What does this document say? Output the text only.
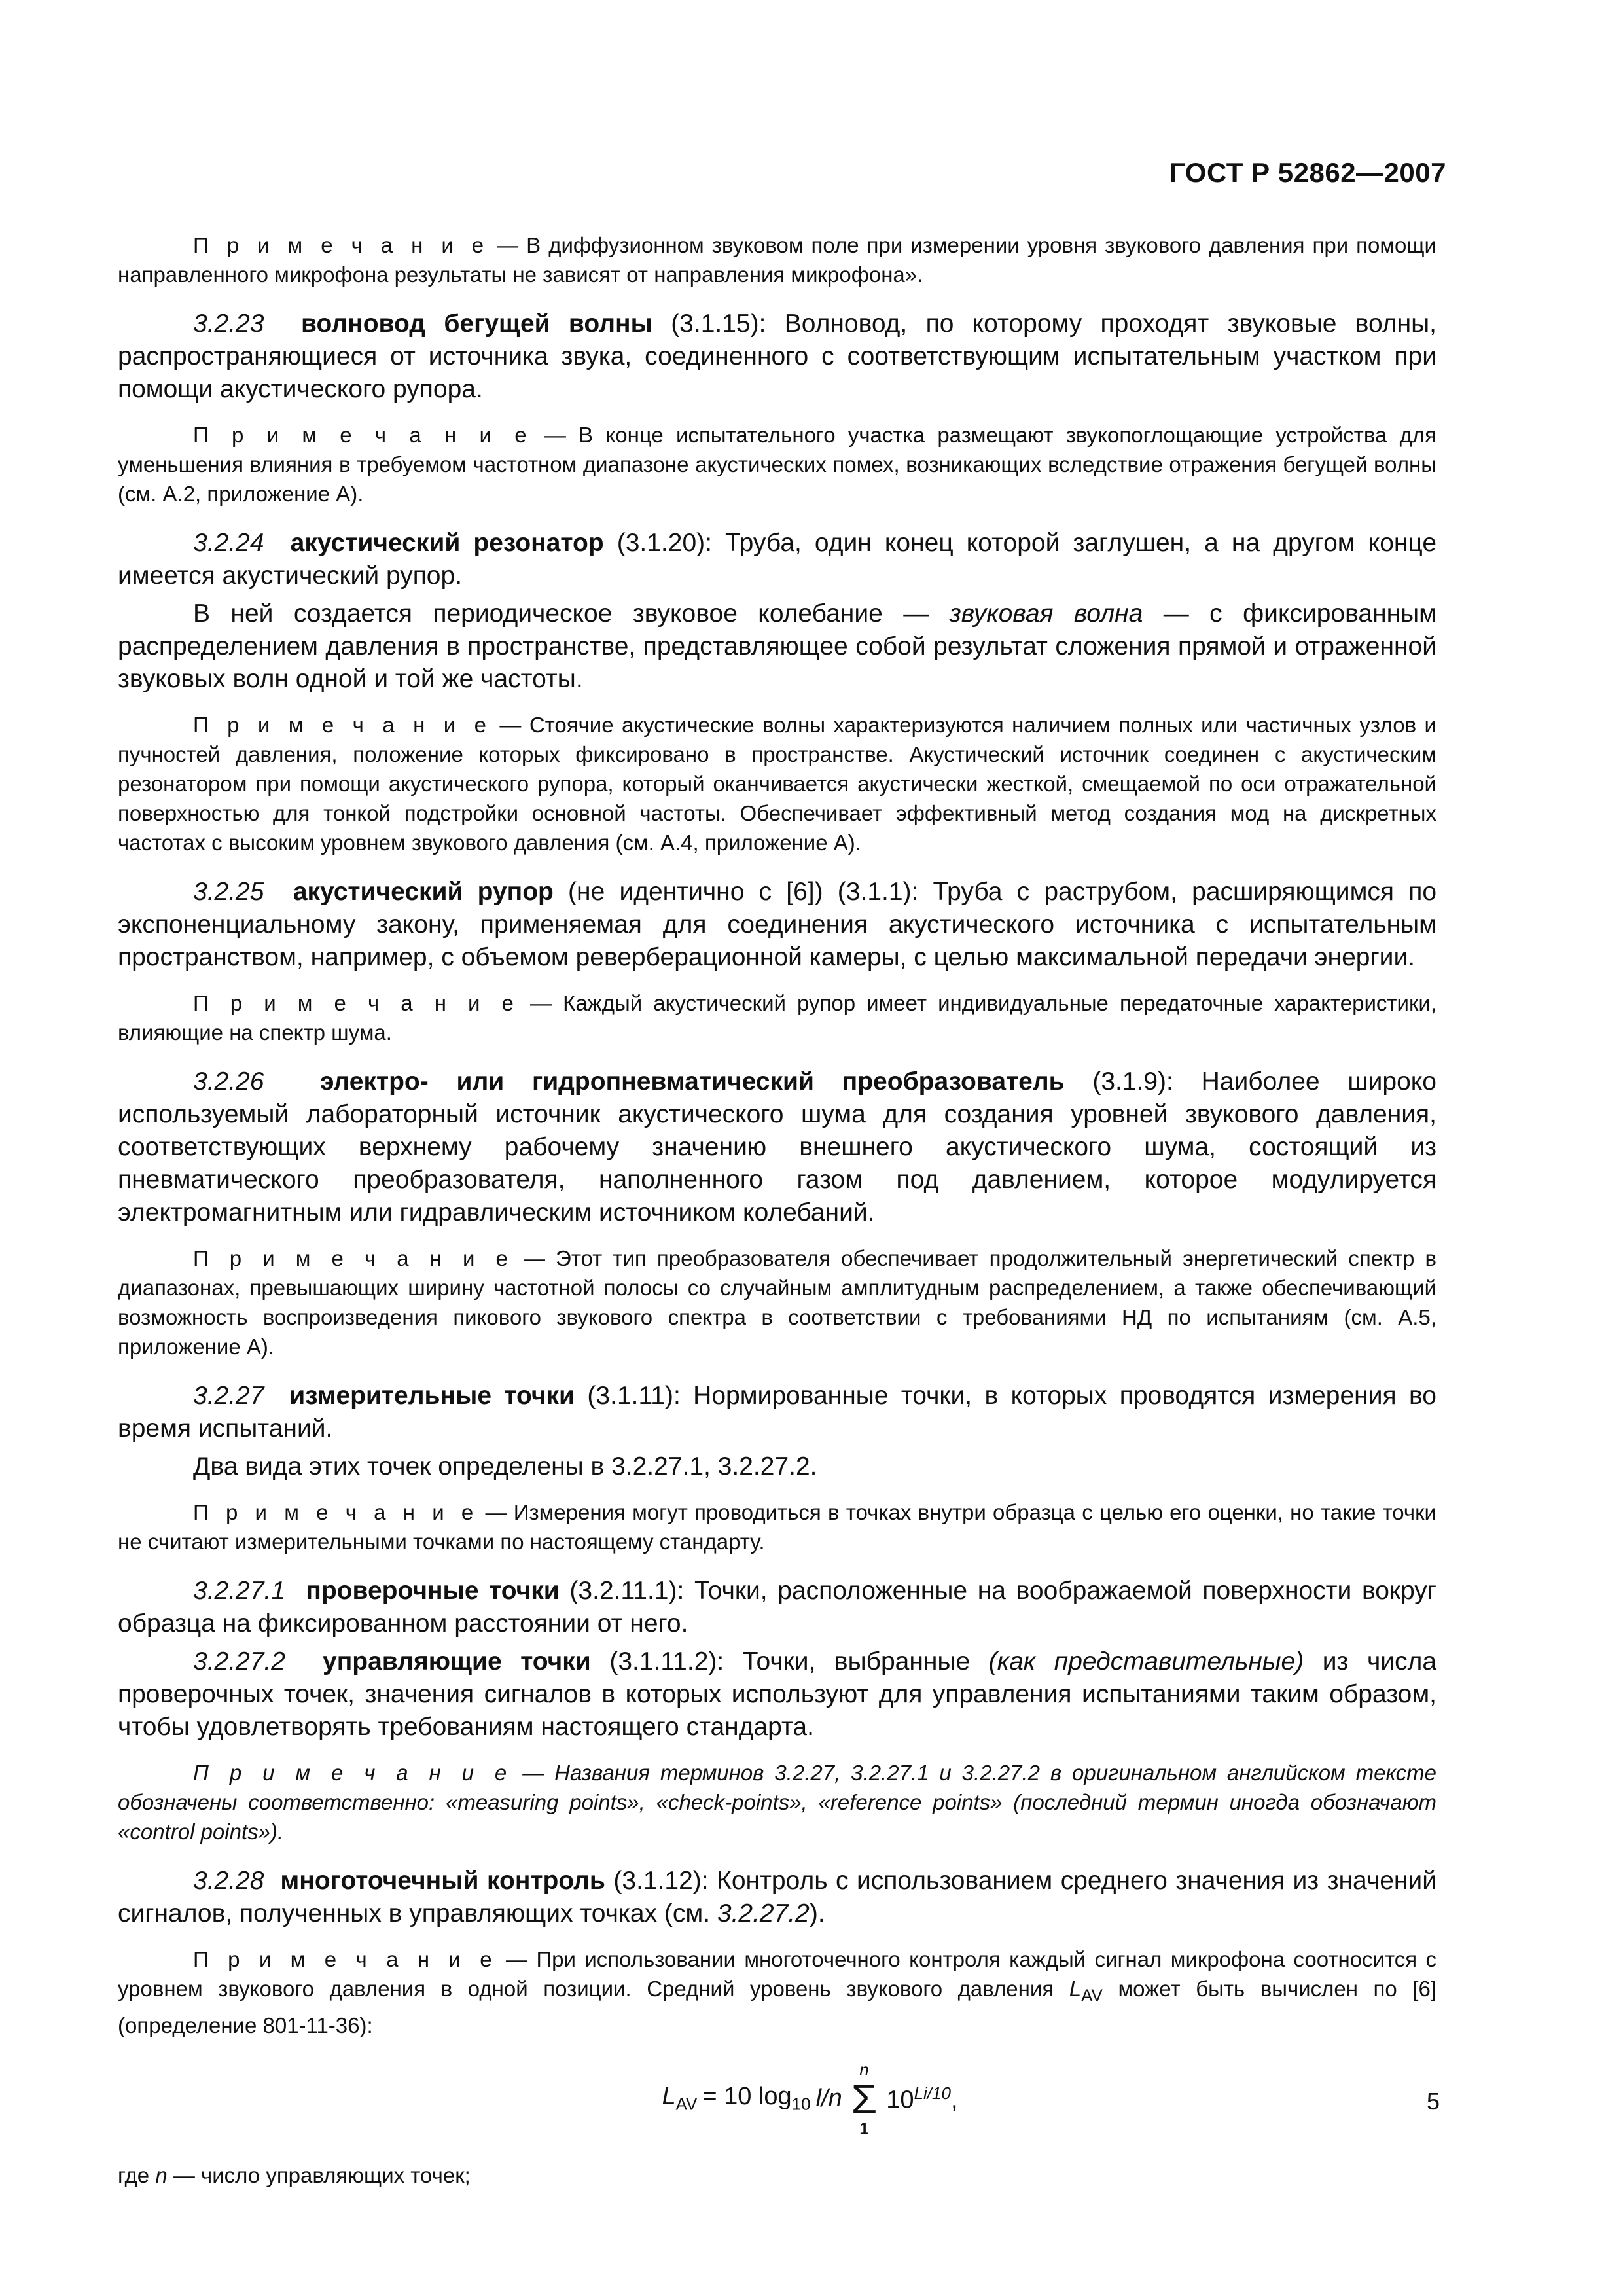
ГОСТ Р 52862—2007

П р и м е ч а н и е — В диффузионном звуковом поле при измерении уровня звукового давления при помощи направленного микрофона результаты не зависят от направления микрофона».

3.2.23 волновод бегущей волны (3.1.15): Волновод, по которому проходят звуковые волны, распространяющиеся от источника звука, соединенного с соответствующим испытательным участком при помощи акустического рупора.

П р и м е ч а н и е — В конце испытательного участка размещают звукопоглощающие устройства для уменьшения влияния в требуемом частотном диапазоне акустических помех, возникающих вследствие отражения бегущей волны (см. А.2, приложение А).

3.2.24 акустический резонатор (3.1.20): Труба, один конец которой заглушен, а на другом конце имеется акустический рупор.

В ней создается периодическое звуковое колебание — звуковая волна — с фиксированным распределением давления в пространстве, представляющее собой результат сложения прямой и отраженной звуковых волн одной и той же частоты.

П р и м е ч а н и е — Стоячие акустические волны характеризуются наличием полных или частичных узлов и пучностей давления, положение которых фиксировано в пространстве. Акустический источник соединен с акустическим резонатором при помощи акустического рупора, который оканчивается акустически жесткой, смещаемой по оси отражательной поверхностью для тонкой подстройки основной частоты. Обеспечивает эффективный метод создания мод на дискретных частотах с высоким уровнем звукового давления (см. А.4, приложение А).

3.2.25 акустический рупор (не идентично с [6]) (3.1.1): Труба с раструбом, расширяющимся по экспоненциальному закону, применяемая для соединения акустического источника с испытательным пространством, например, с объемом реверберационной камеры, с целью максимальной передачи энергии.

П р и м е ч а н и е — Каждый акустический рупор имеет индивидуальные передаточные характеристики, влияющие на спектр шума.

3.2.26 электро- или гидропневматический преобразователь (3.1.9): Наиболее широко используемый лабораторный источник акустического шума для создания уровней звукового давления, соответствующих верхнему рабочему значению внешнего акустического шума, состоящий из пневматического преобразователя, наполненного газом под давлением, которое модулируется электромагнитным или гидравлическим источником колебаний.

П р и м е ч а н и е — Этот тип преобразователя обеспечивает продолжительный энергетический спектр в диапазонах, превышающих ширину частотной полосы со случайным амплитудным распределением, а также обеспечивающий возможность воспроизведения пикового звукового спектра в соответствии с требованиями НД по испытаниям (см. А.5, приложение А).

3.2.27 измерительные точки (3.1.11): Нормированные точки, в которых проводятся измерения во время испытаний.

Два вида этих точек определены в 3.2.27.1, 3.2.27.2.

П р и м е ч а н и е — Измерения могут проводиться в точках внутри образца с целью его оценки, но такие точки не считают измерительными точками по настоящему стандарту.

3.2.27.1 проверочные точки (3.2.11.1): Точки, расположенные на воображаемой поверхности вокруг образца на фиксированном расстоянии от него.

3.2.27.2 управляющие точки (3.1.11.2): Точки, выбранные (как представительные) из числа проверочных точек, значения сигналов в которых используют для управления испытаниями таким образом, чтобы удовлетворять требованиям настоящего стандарта.

П р и м е ч а н и е — Названия терминов 3.2.27, 3.2.27.1 и 3.2.27.2 в оригинальном английском тексте обозначены соответственно: «measuring points», «check-points», «reference points» (последний термин иногда обозначают «control points»).

3.2.28 многоточечный контроль (3.1.12): Контроль с использованием среднего значения из значений сигналов, полученных в управляющих точках (см. 3.2.27.2).

П р и м е ч а н и е — При использовании многоточечного контроля каждый сигнал микрофона соотносится с уровнем звукового давления в одной позиции. Средний уровень звукового давления $L_{AV}$ может быть вычислен по [6] (определение 801-11-36):

$L_{AV} = 10$ $\log_{10} l/n$
n
Σ
1
$10^{Li/10}$,

где n — число управляющих точек;

5
